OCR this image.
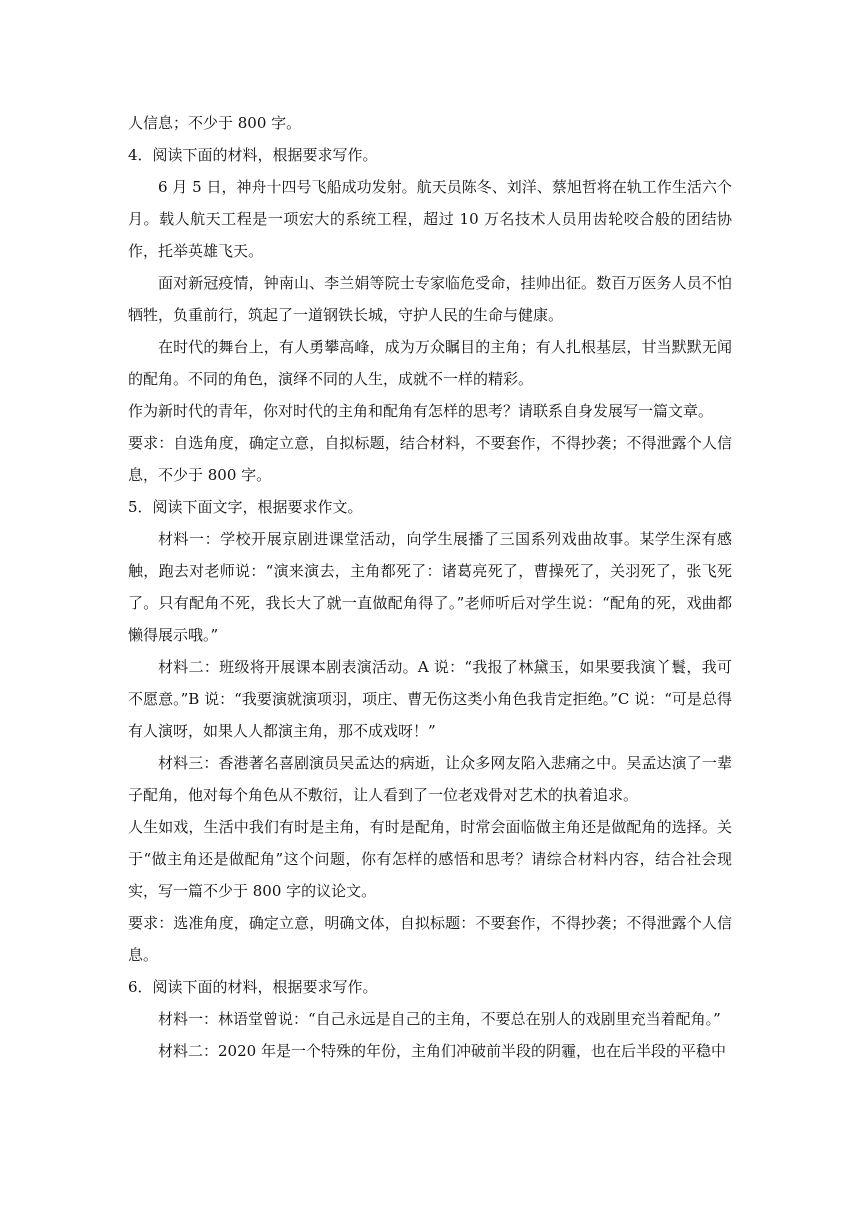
人信息；不少于 800 字。

4．阅读下面的材料，根据要求写作。

6 月 5 日，神舟十四号飞船成功发射。航天员陈冬、刘洋、蔡旭哲将在轨工作生活六个月。载人航天工程是一项宏大的系统工程，超过 10 万名技术人员用齿轮咬合般的团结协作，托举英雄飞天。

面对新冠疫情，钟南山、李兰娟等院士专家临危受命，挂帅出征。数百万医务人员不怕牺牲，负重前行，筑起了一道钢铁长城，守护人民的生命与健康。

在时代的舞台上，有人勇攀高峰，成为万众瞩目的主角；有人扎根基层，甘当默默无闻的配角。不同的角色，演绎不同的人生，成就不一样的精彩。

作为新时代的青年，你对时代的主角和配角有怎样的思考？请联系自身发展写一篇文章。

要求：自选角度，确定立意，自拟标题，结合材料，不要套作，不得抄袭；不得泄露个人信息，不少于 800 字。

5．阅读下面文字，根据要求作文。

材料一：学校开展京剧进课堂活动，向学生展播了三国系列戏曲故事。某学生深有感触，跑去对老师说：“演来演去，主角都死了：诸葛亮死了，曹操死了，关羽死了，张飞死了。只有配角不死，我长大了就一直做配角得了。”老师听后对学生说：“配角的死，戏曲都懒得展示哦。”

材料二：班级将开展课本剧表演活动。A 说：“我报了林黛玉，如果要我演丫鬟，我可不愿意。”B 说：“我要演就演项羽，项庄、曹无伤这类小角色我肯定拒绝。”C 说：“可是总得有人演呀，如果人人都演主角，那不成戏呀！”

材料三：香港著名喜剧演员吴孟达的病逝，让众多网友陷入悲痛之中。吴孟达演了一辈子配角，他对每个角色从不敷衍，让人看到了一位老戏骨对艺术的执着追求。

人生如戏，生活中我们有时是主角，有时是配角，时常会面临做主角还是做配角的选择。关于“做主角还是做配角”这个问题，你有怎样的感悟和思考？请综合材料内容，结合社会现实，写一篇不少于 800 字的议论文。

要求：选准角度，确定立意，明确文体，自拟标题：不要套作，不得抄袭；不得泄露个人信息。

6．阅读下面的材料，根据要求写作。

材料一：林语堂曾说：“自己永远是自己的主角，不要总在别人的戏剧里充当着配角。”

材料二：2020 年是一个特殊的年份，主角们冲破前半段的阴霾，也在后半段的平稳中
